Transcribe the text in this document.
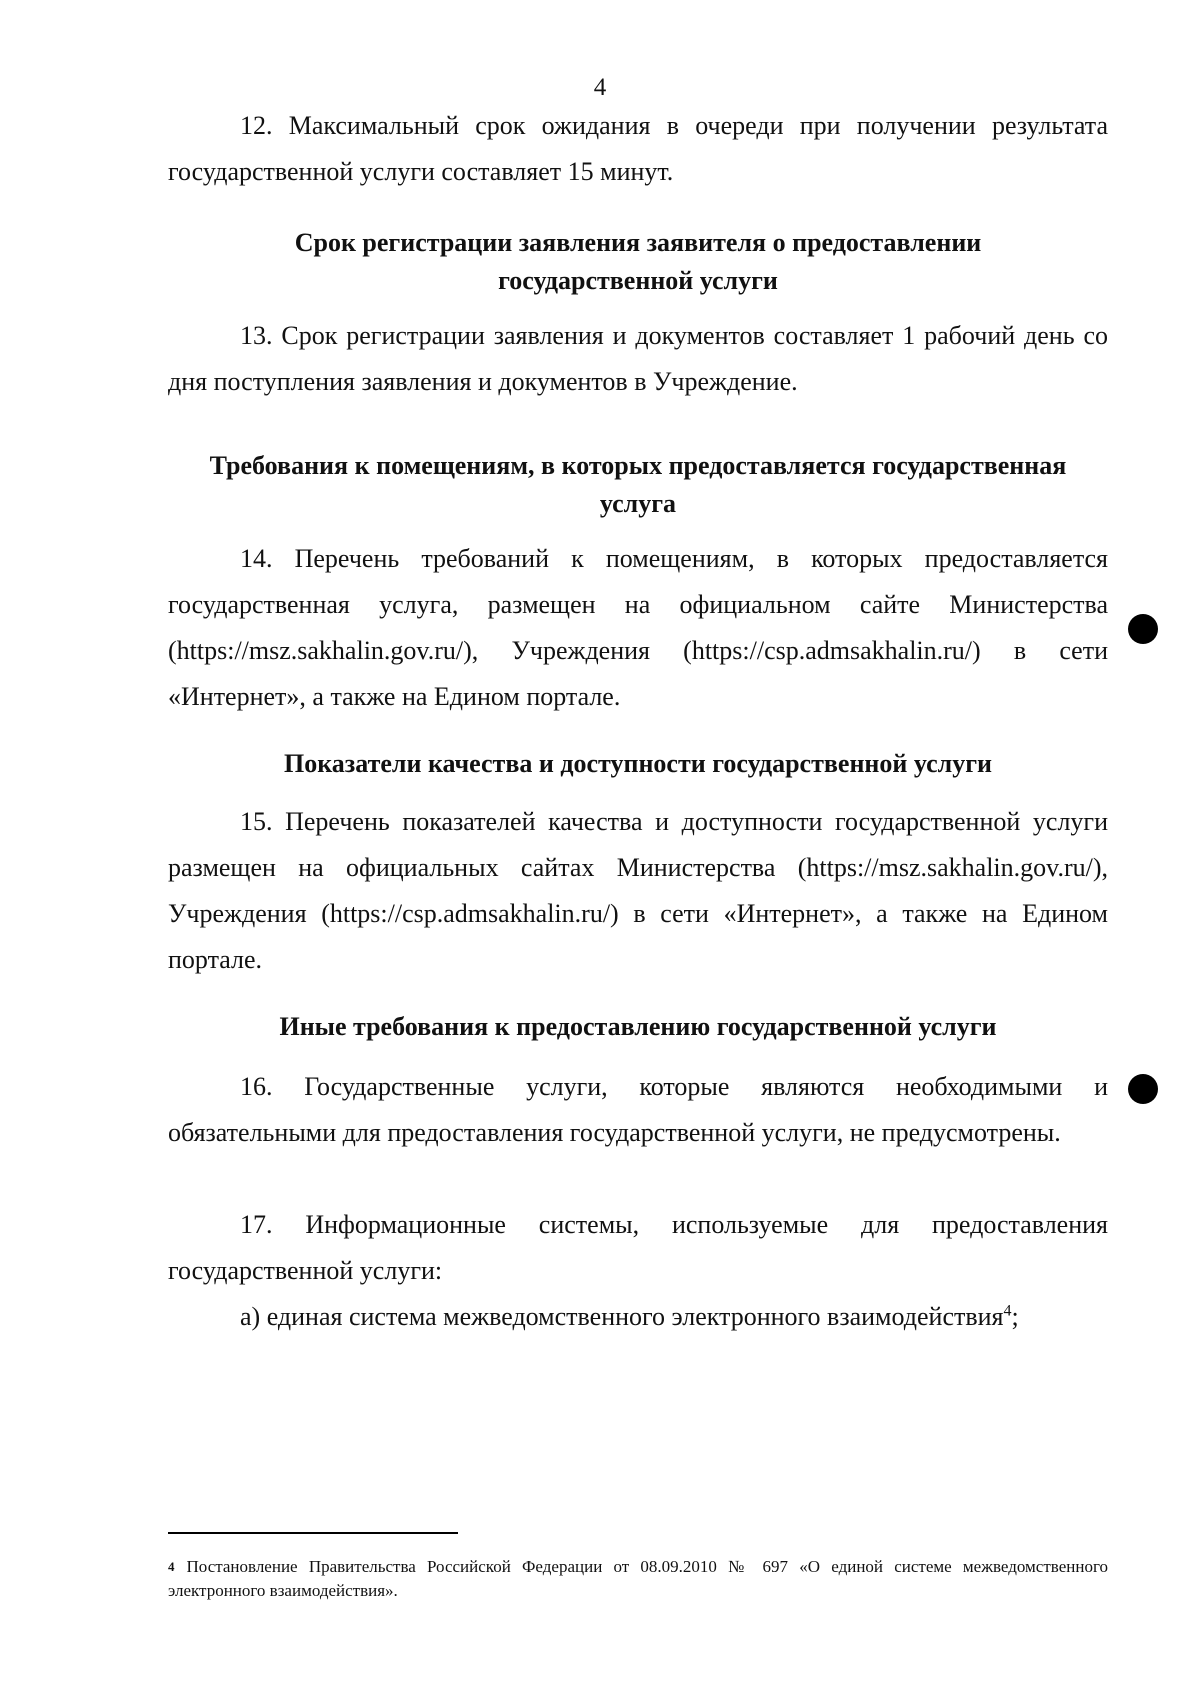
4

12. Максимальный срок ожидания в очереди при получении результата государственной услуги составляет 15 минут.

Срок регистрации заявления заявителя о предоставлении
государственной услуги

13. Срок регистрации заявления и документов составляет 1 рабочий день со дня поступления заявления и документов в Учреждение.

Требования к помещениям, в которых предоставляется государственная
услуга

14. Перечень требований к помещениям, в которых предоставляется государственная услуга, размещен на официальном сайте Министерства (https://msz.sakhalin.gov.ru/), Учреждения (https://csp.admsakhalin.ru/) в сети «Интернет», а также на Едином портале.

Показатели качества и доступности государственной услуги

15. Перечень показателей качества и доступности государственной услуги размещен на официальных сайтах Министерства (https://msz.sakhalin.gov.ru/), Учреждения (https://csp.admsakhalin.ru/) в сети «Интернет», а также на Едином портале.

Иные требования к предоставлению государственной услуги

16. Государственные услуги, которые являются необходимыми и обязательными для предоставления государственной услуги, не предусмотрены.

17. Информационные системы, используемые для предоставления государственной услуги:

а) единая система межведомственного электронного взаимодействия$^4$;

$^4$ Постановление Правительства Российской Федерации от 08.09.2010 № 697 «О единой системе межведомственного электронного взаимодействия».
